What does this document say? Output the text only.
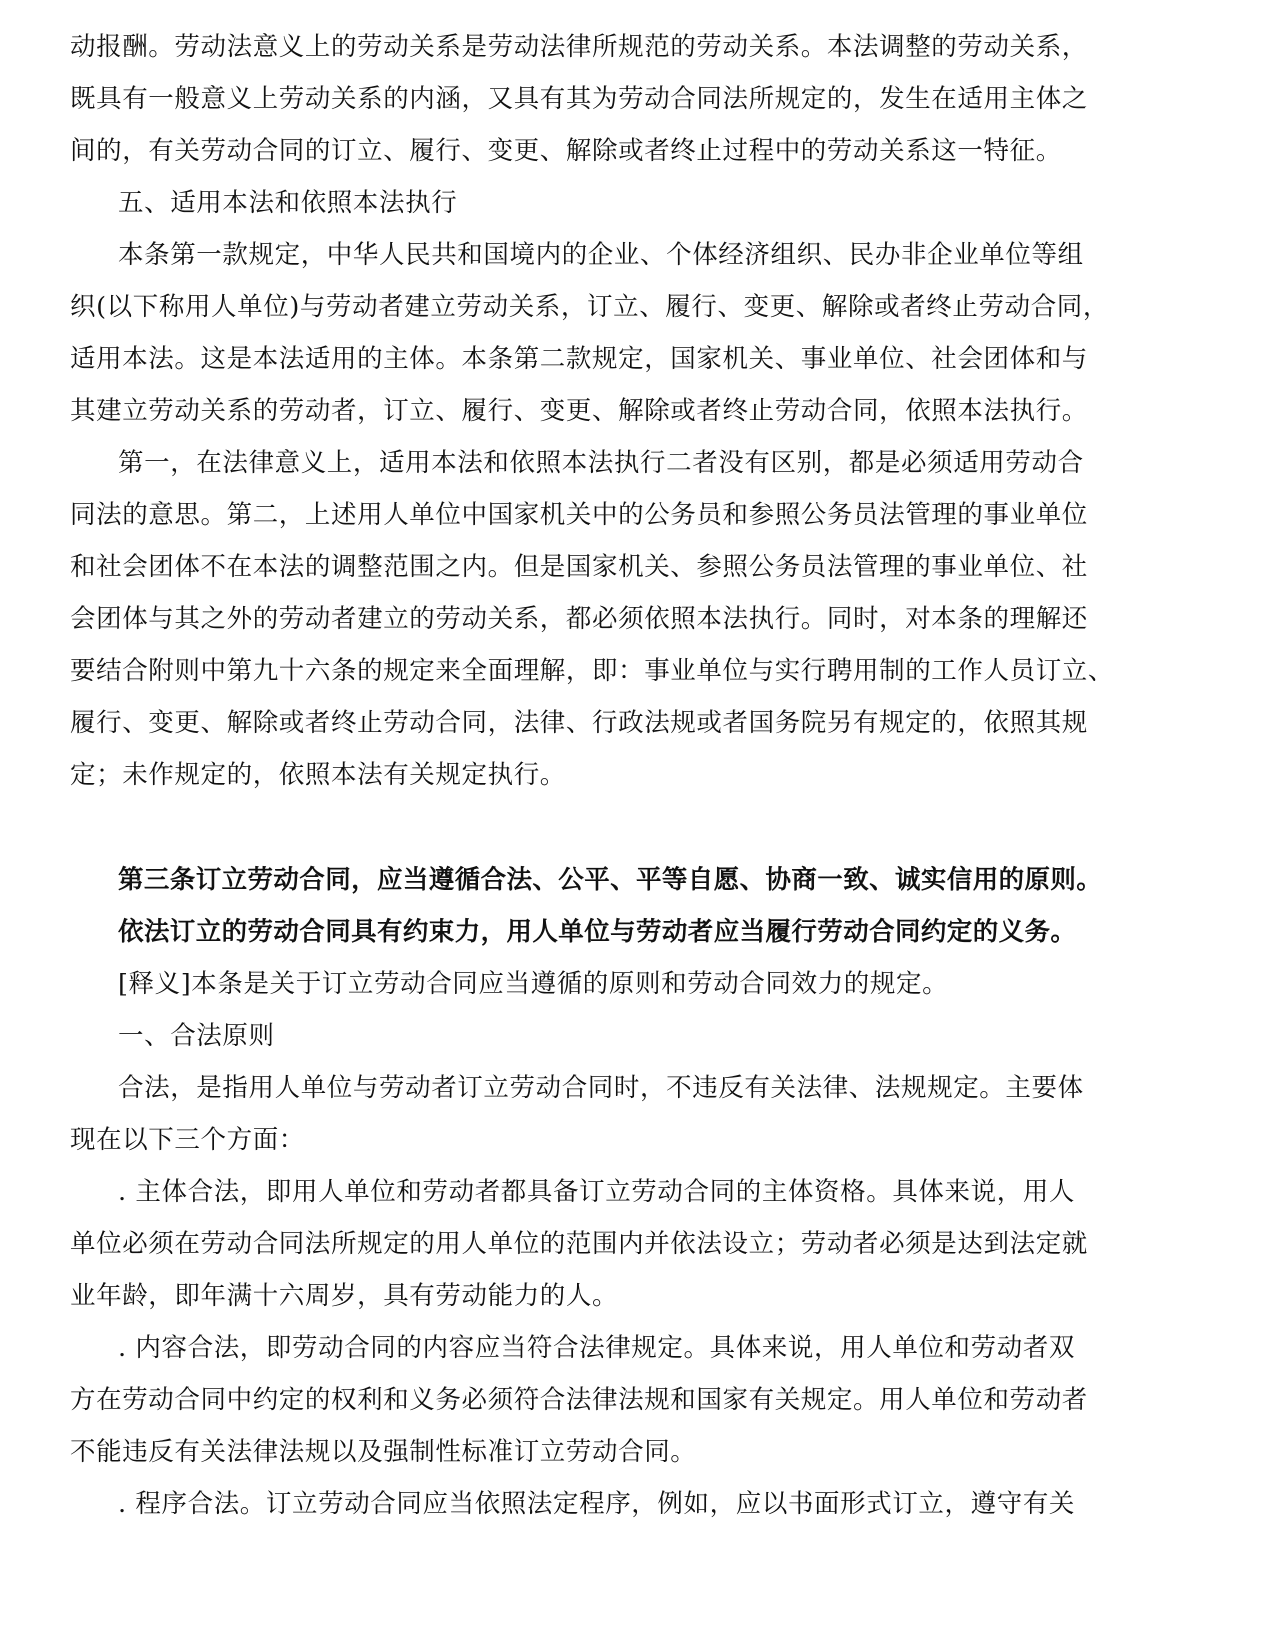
动报酬。劳动法意义上的劳动关系是劳动法律所规范的劳动关系。本法调整的劳动关系，
既具有一般意义上劳动关系的内涵，又具有其为劳动合同法所规定的，发生在适用主体之
间的，有关劳动合同的订立、履行、变更、解除或者终止过程中的劳动关系这一特征。
五、适用本法和依照本法执行
本条第一款规定，中华人民共和国境内的企业、个体经济组织、民办非企业单位等组
织(以下称用人单位)与劳动者建立劳动关系，订立、履行、变更、解除或者终止劳动合同，
适用本法。这是本法适用的主体。本条第二款规定，国家机关、事业单位、社会团体和与
其建立劳动关系的劳动者，订立、履行、变更、解除或者终止劳动合同，依照本法执行。
第一，在法律意义上，适用本法和依照本法执行二者没有区别，都是必须适用劳动合
同法的意思。第二，上述用人单位中国家机关中的公务员和参照公务员法管理的事业单位
和社会团体不在本法的调整范围之内。但是国家机关、参照公务员法管理的事业单位、社
会团体与其之外的劳动者建立的劳动关系，都必须依照本法执行。同时，对本条的理解还
要结合附则中第九十六条的规定来全面理解，即：事业单位与实行聘用制的工作人员订立、
履行、变更、解除或者终止劳动合同，法律、行政法规或者国务院另有规定的，依照其规
定；未作规定的，依照本法有关规定执行。
第三条订立劳动合同，应当遵循合法、公平、平等自愿、协商一致、诚实信用的原则。
依法订立的劳动合同具有约束力，用人单位与劳动者应当履行劳动合同约定的义务。
[释义]本条是关于订立劳动合同应当遵循的原则和劳动合同效力的规定。
一、合法原则
合法，是指用人单位与劳动者订立劳动合同时，不违反有关法律、法规规定。主要体
现在以下三个方面：
. 主体合法，即用人单位和劳动者都具备订立劳动合同的主体资格。具体来说，用人
单位必须在劳动合同法所规定的用人单位的范围内并依法设立；劳动者必须是达到法定就
业年龄，即年满十六周岁，具有劳动能力的人。
. 内容合法，即劳动合同的内容应当符合法律规定。具体来说，用人单位和劳动者双
方在劳动合同中约定的权利和义务必须符合法律法规和国家有关规定。用人单位和劳动者
不能违反有关法律法规以及强制性标准订立劳动合同。
. 程序合法。订立劳动合同应当依照法定程序，例如，应以书面形式订立，遵守有关
